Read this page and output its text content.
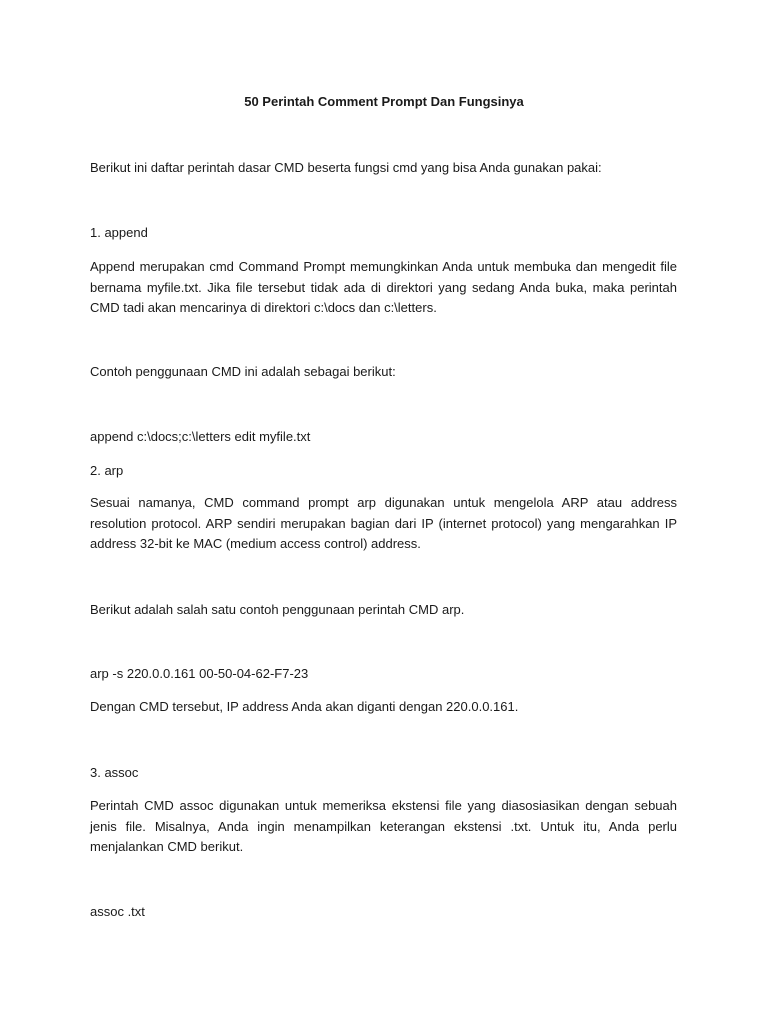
50 Perintah Comment Prompt Dan Fungsinya

Berikut ini daftar perintah dasar CMD beserta fungsi cmd yang bisa Anda gunakan pakai:

1. append

Append merupakan cmd Command Prompt memungkinkan Anda untuk membuka dan mengedit file bernama myfile.txt. Jika file tersebut tidak ada di direktori yang sedang Anda buka, maka perintah CMD tadi akan mencarinya di direktori c:\docs dan c:\letters.

Contoh penggunaan CMD ini adalah sebagai berikut:

append c:\docs;c:\letters edit myfile.txt

2. arp

Sesuai namanya, CMD command prompt arp digunakan untuk mengelola ARP atau address resolution protocol. ARP sendiri merupakan bagian dari IP (internet protocol) yang mengarahkan IP address 32-bit ke MAC (medium access control) address.

Berikut adalah salah satu contoh penggunaan perintah CMD arp.

arp -s 220.0.0.161 00-50-04-62-F7-23

Dengan CMD tersebut, IP address Anda akan diganti dengan 220.0.0.161.

3. assoc

Perintah CMD assoc digunakan untuk memeriksa ekstensi file yang diasosiasikan dengan sebuah jenis file. Misalnya, Anda ingin menampilkan keterangan ekstensi .txt. Untuk itu, Anda perlu menjalankan CMD berikut.

assoc .txt
